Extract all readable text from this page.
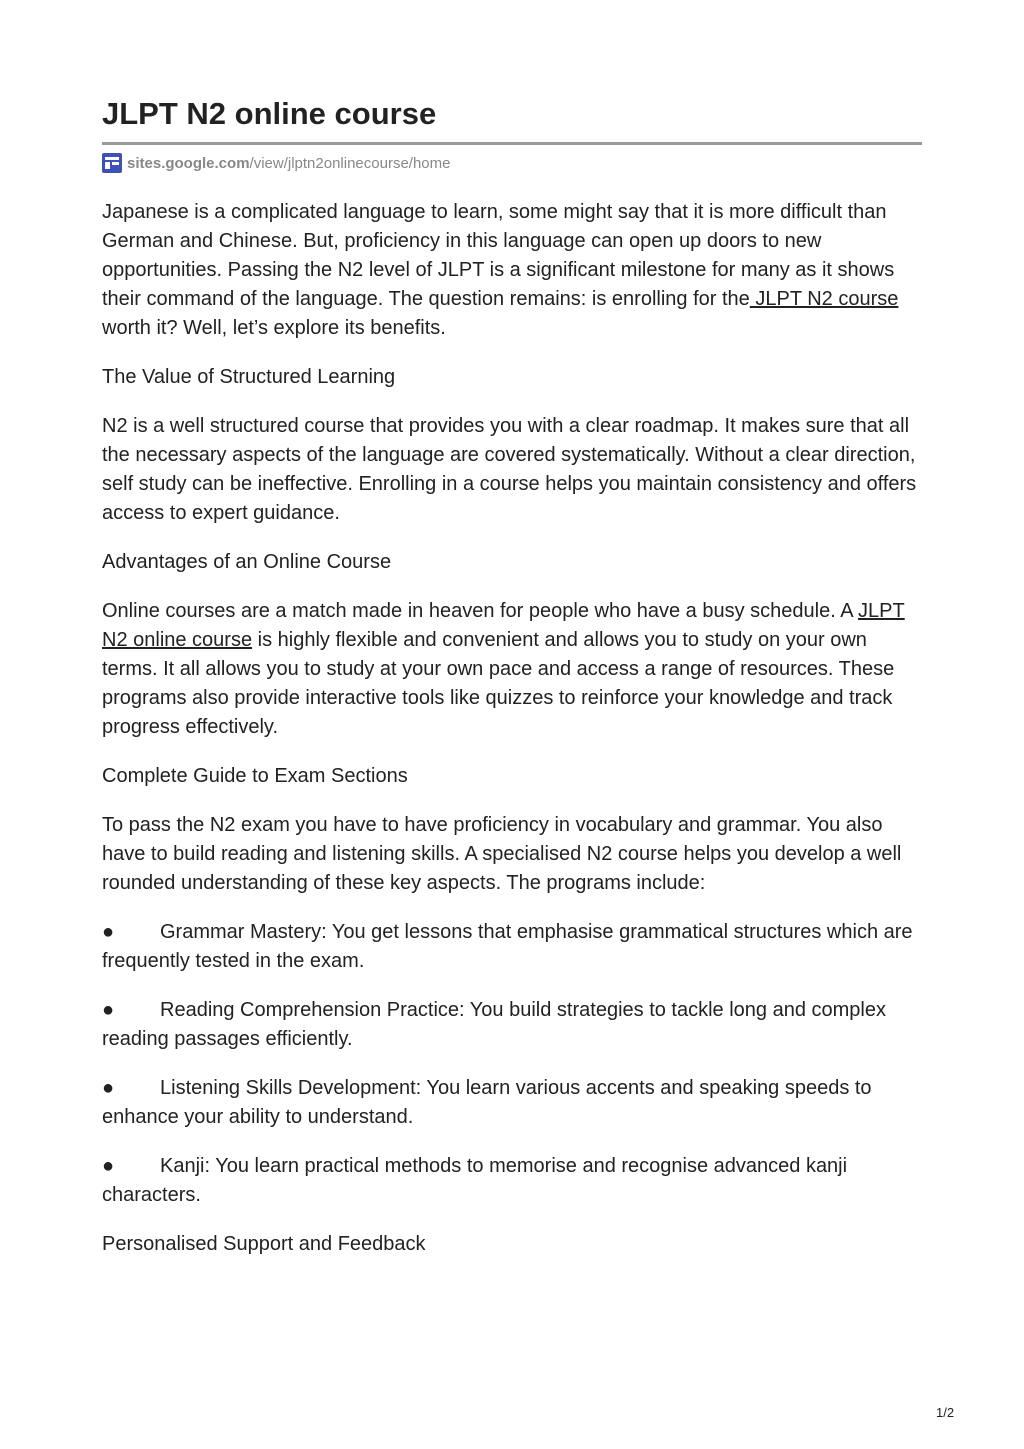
JLPT N2 online course
sites.google.com /view/jlptn2onlinecourse/home

Japanese is a complicated language to learn, some might say that it is more difficult than German and Chinese. But, proficiency in this language can open up doors to new opportunities. Passing the N2 level of JLPT is a significant milestone for many as it shows their command of the language. The question remains: is enrolling for the JLPT N2 course worth it? Well, let’s explore its benefits.

The Value of Structured Learning

N2 is a well structured course that provides you with a clear roadmap. It makes sure that all the necessary aspects of the language are covered systematically. Without a clear direction, self study can be ineffective. Enrolling in a course helps you maintain consistency and offers access to expert guidance.

Advantages of an Online Course

Online courses are a match made in heaven for people who have a busy schedule. A JLPT N2 online course is highly flexible and convenient and allows you to study on your own terms. It all allows you to study at your own pace and access a range of resources. These programs also provide interactive tools like quizzes to reinforce your knowledge and track progress effectively.

Complete Guide to Exam Sections

To pass the N2 exam you have to have proficiency in vocabulary and grammar. You also have to build reading and listening skills. A specialised N2 course helps you develop a well rounded understanding of these key aspects. The programs include:

● Grammar Mastery: You get lessons that emphasise grammatical structures which are frequently tested in the exam.

● Reading Comprehension Practice: You build strategies to tackle long and complex reading passages efficiently.

● Listening Skills Development: You learn various accents and speaking speeds to enhance your ability to understand.

● Kanji: You learn practical methods to memorise and recognise advanced kanji characters.

Personalised Support and Feedback

1/2
